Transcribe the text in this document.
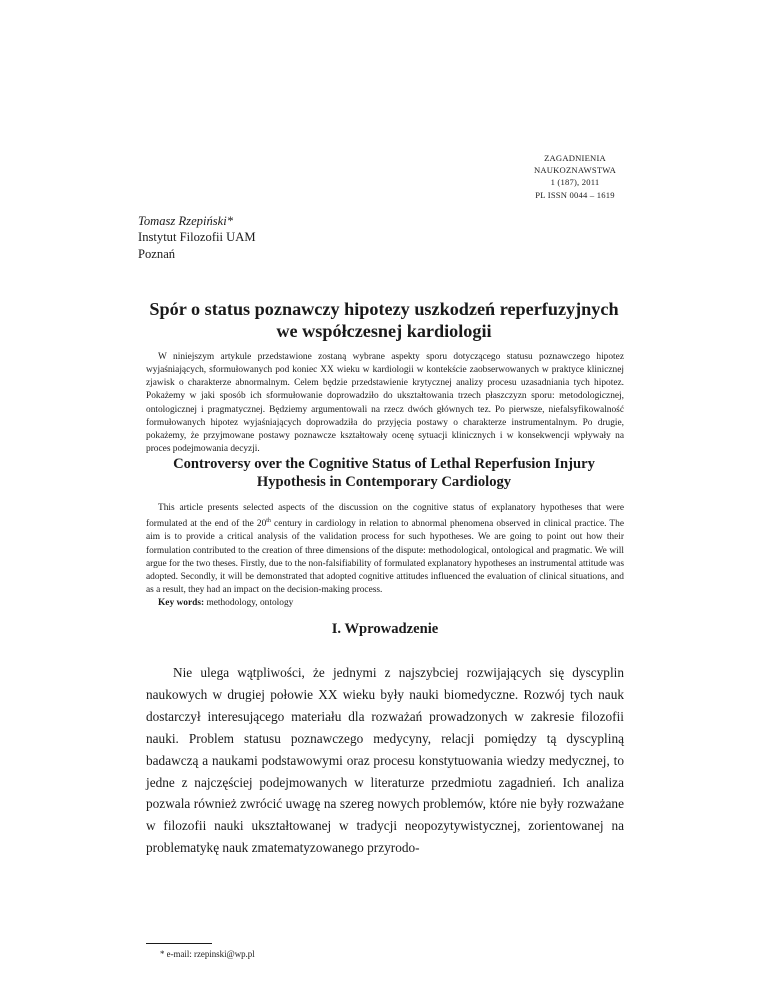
ZAGADNIENIA
NAUKOZNAWSTWA
1 (187), 2011
PL ISSN 0044 – 1619
Tomasz Rzepiński*
Instytut Filozofii UAM
Poznań
Spór o status poznawczy hipotezy uszkodzeń reperfuzyjnych
we współczesnej kardiologii

W niniejszym artykule przedstawione zostaną wybrane aspekty sporu dotyczącego statusu poznawczego hipotez wyjaśniających, sformułowanych pod koniec XX wieku w kardiologii w kontekście zaobserwowanych w praktyce klinicznej zjawisk o charakterze abnormalnym. Celem będzie przedstawienie krytycznej analizy procesu uzasadniania tych hipotez. Pokażemy w jaki sposób ich sformułowanie doprowadziło do ukształtowania trzech płaszczyzn sporu: metodologicznej, ontologicznej i pragmatycznej. Będziemy argumentowali na rzecz dwóch głównych tez. Po pierwsze, niefalsyfikowalność formułowanych hipotez wyjaśniających doprowadziła do przyjęcia postawy o charakterze instrumentalnym. Po drugie, pokażemy, że przyjmowane postawy poznawcze kształtowały ocenę sytuacji klinicznych i w konsekwencji wpływały na proces podejmowania decyzji.

Controversy over the Cognitive Status of Lethal Reperfusion Injury
Hypothesis in Contemporary Cardiology

This article presents selected aspects of the discussion on the cognitive status of explanatory hypotheses that were formulated at the end of the 20th century in cardiology in relation to abnormal phenomena observed in clinical practice. The aim is to provide a critical analysis of the validation process for such hypotheses. We are going to point out how their formulation contributed to the creation of three dimensions of the dispute: methodological, ontological and pragmatic. We will argue for the two theses. Firstly, due to the non-falsifiability of formulated explanatory hypotheses an instrumental attitude was adopted. Secondly, it will be demonstrated that adopted cognitive attitudes influenced the evaluation of clinical situations, and as a result, they had an impact on the decision-making process.

Key words: methodology, ontology
I. Wprowadzenie

Nie ulega wątpliwości, że jednymi z najszybciej rozwijających się dyscyplin naukowych w drugiej połowie XX wieku były nauki biomedyczne. Rozwój tych nauk dostarczył interesującego materiału dla rozważań prowadzonych w zakresie filozofii nauki. Problem statusu poznawczego medycyny, relacji pomiędzy tą dyscypliną badawczą a naukami podstawowymi oraz procesu konstytuowania wiedzy medycznej, to jedne z najczęściej podejmowanych w literaturze przedmiotu zagadnień. Ich analiza pozwala również zwrócić uwagę na szereg nowych problemów, które nie były rozważane w filozofii nauki ukształtowanej w tradycji neopozytywistycznej, zorientowanej na problematykę nauk zmatematyzowanego przyrodo-

* e-mail: rzepinski@wp.pl
